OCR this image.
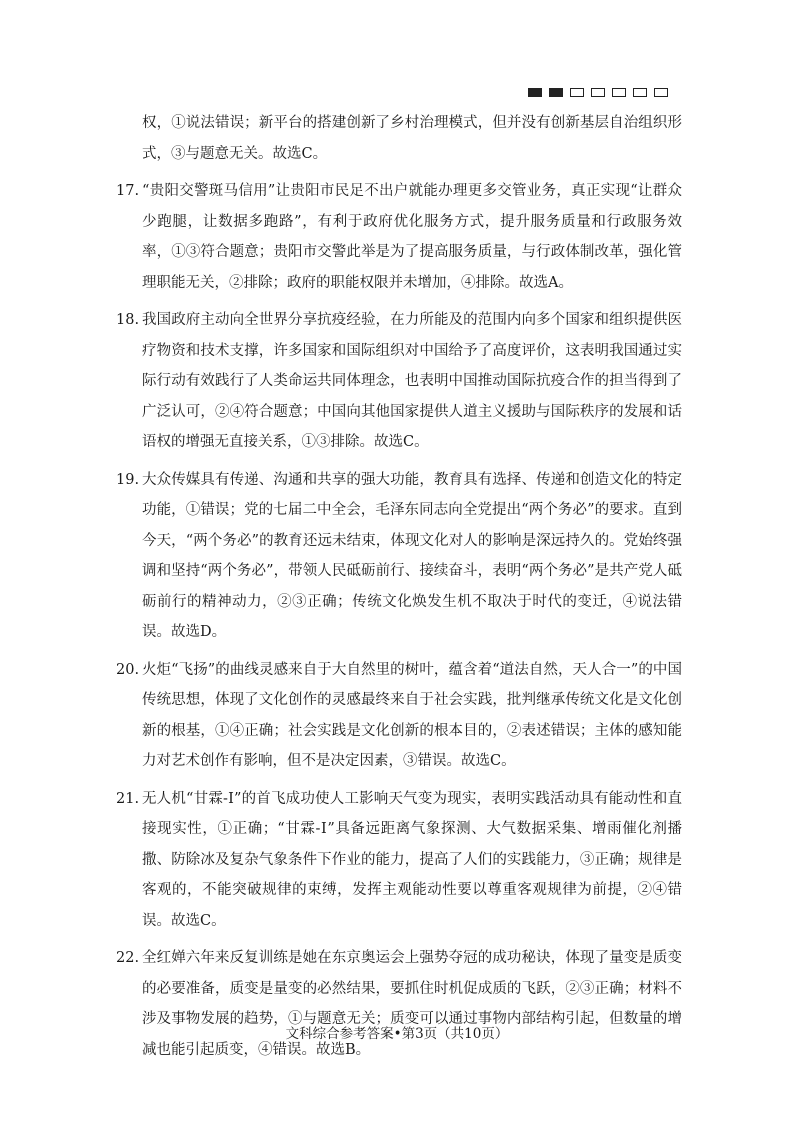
权，①说法错误；新平台的搭建创新了乡村治理模式，但并没有创新基层自治组织形式，③与题意无关。故选C。

17. “贵阳交警斑马信用”让贵阳市民足不出户就能办理更多交管业务，真正实现“让群众少跑腿，让数据多跑路”，有利于政府优化服务方式，提升服务质量和行政服务效率，①③符合题意；贵阳市交警此举是为了提高服务质量，与行政体制改革，强化管理职能无关，②排除；政府的职能权限并未增加，④排除。故选A。

18. 我国政府主动向全世界分享抗疫经验，在力所能及的范围内向多个国家和组织提供医疗物资和技术支撑，许多国家和国际组织对中国给予了高度评价，这表明我国通过实际行动有效践行了人类命运共同体理念，也表明中国推动国际抗疫合作的担当得到了广泛认可，②④符合题意；中国向其他国家提供人道主义援助与国际秩序的发展和话语权的增强无直接关系，①③排除。故选C。

19. 大众传媒具有传递、沟通和共享的强大功能，教育具有选择、传递和创造文化的特定功能，①错误；党的七届二中全会，毛泽东同志向全党提出“两个务必”的要求。直到今天，“两个务必”的教育还远未结束，体现文化对人的影响是深远持久的。党始终强调和坚持“两个务必”，带领人民砥砺前行、接续奋斗，表明“两个务必”是共产党人砥砺前行的精神动力，②③正确；传统文化焕发生机不取决于时代的变迁，④说法错误。故选D。

20. 火炬“飞扬”的曲线灵感来自于大自然里的树叶，蕴含着“道法自然，天人合一”的中国传统思想，体现了文化创作的灵感最终来自于社会实践，批判继承传统文化是文化创新的根基，①④正确；社会实践是文化创新的根本目的，②表述错误；主体的感知能力对艺术创作有影响，但不是决定因素，③错误。故选C。

21. 无人机“甘霖-Ⅰ”的首飞成功使人工影响天气变为现实，表明实践活动具有能动性和直接现实性，①正确；“甘霖-Ⅰ”具备远距离气象探测、大气数据采集、增雨催化剂播撒、防除冰及复杂气象条件下作业的能力，提高了人们的实践能力，③正确；规律是客观的，不能突破规律的束缚，发挥主观能动性要以尊重客观规律为前提，②④错误。故选C。

22. 全红婵六年来反复训练是她在东京奥运会上强势夺冠的成功秘诀，体现了量变是质变的必要准备，质变是量变的必然结果，要抓住时机促成质的飞跃，②③正确；材料不涉及事物发展的趋势，①与题意无关；质变可以通过事物内部结构引起，但数量的增减也能引起质变，④错误。故选B。

文科综合参考答案•第3页（共10页）
